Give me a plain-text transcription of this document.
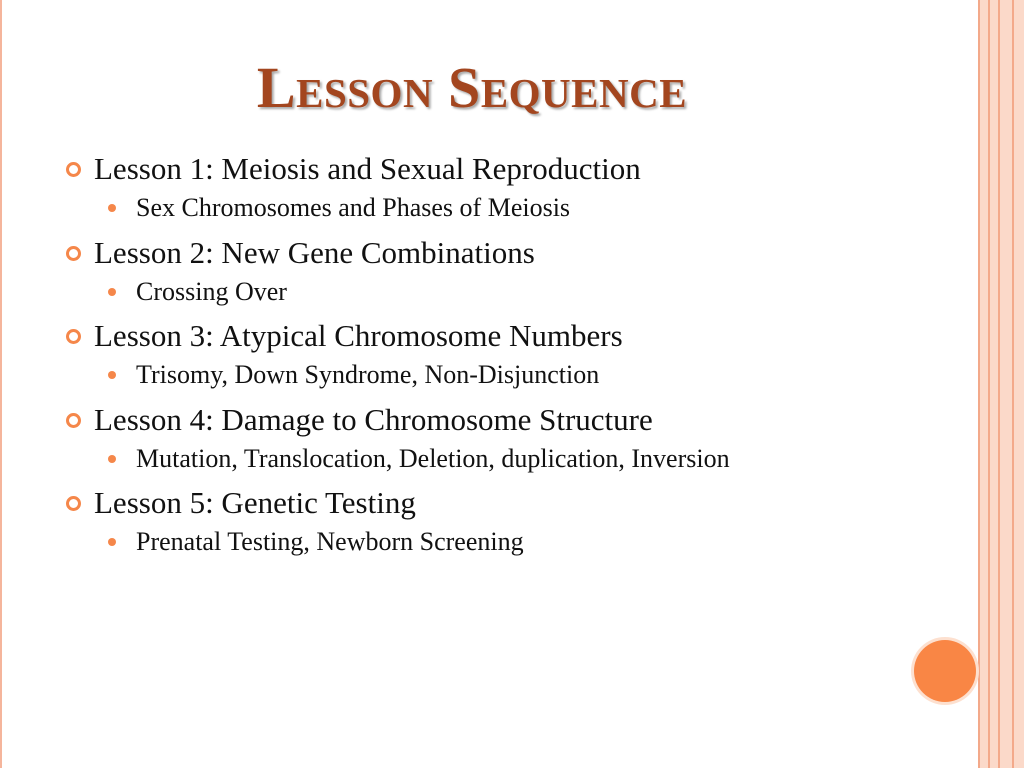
Lesson Sequence
Lesson 1: Meiosis and Sexual Reproduction
Sex Chromosomes and Phases of Meiosis
Lesson 2: New Gene Combinations
Crossing Over
Lesson 3: Atypical Chromosome Numbers
Trisomy, Down Syndrome, Non-Disjunction
Lesson 4: Damage to Chromosome Structure
Mutation, Translocation, Deletion, duplication, Inversion
Lesson 5: Genetic Testing
Prenatal Testing, Newborn Screening
